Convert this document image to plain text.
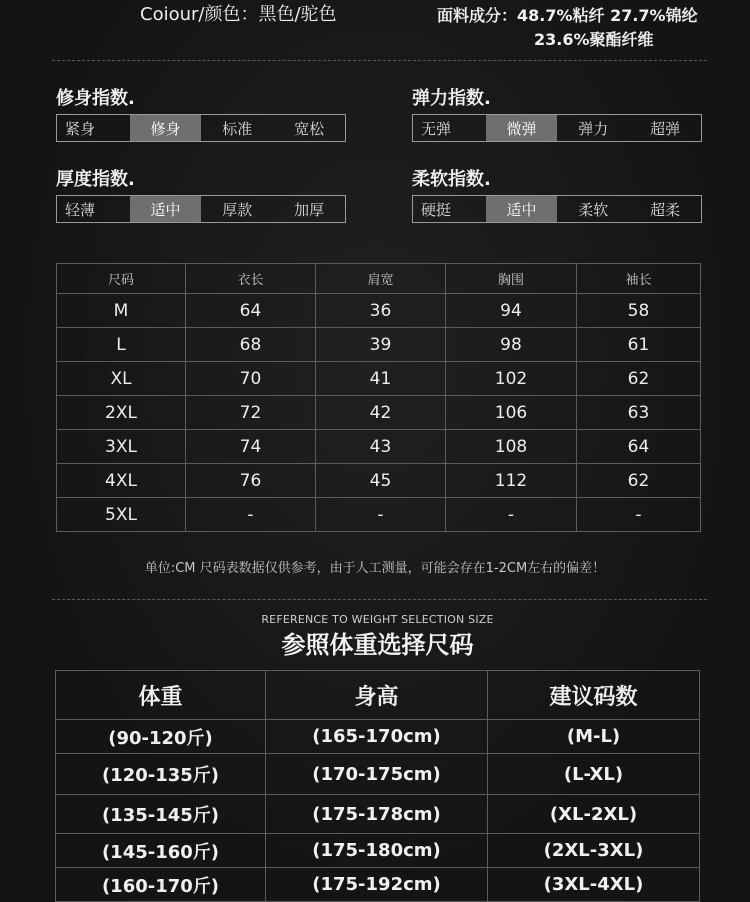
Coiour/颜色：黑色/驼色	面料成分：48.7%粘纤 27.7%锦纶
23.6%聚酯纤维
修身指数.
紧身	修身	标准	宽松
弹力指数.
无弹	微弹	弹力	超弹
厚度指数.
轻薄	适中	厚款	加厚
柔软指数.
硬挺	适中	柔软	超柔
尺码	衣长	肩宽	胸围	袖长
M	64	36	94	58
L	68	39	98	61
XL	70	41	102	62
2XL	72	42	106	63
3XL	74	43	108	64
4XL	76	45	112	62
5XL	-	-	-	-
单位:CM 尺码表数据仅供参考，由于人工测量，可能会存在1-2CM左右的偏差！
REFERENCE TO WEIGHT SELECTION SIZE
参照体重选择尺码
体重	身高	建议码数
(90-120斤)	(165-170cm)	(M-L)
(120-135斤)	(170-175cm)	(L-XL)
(135-145斤)	(175-178cm)	(XL-2XL)
(145-160斤)	(175-180cm)	(2XL-3XL)
(160-170斤)	(175-192cm)	(3XL-4XL)
